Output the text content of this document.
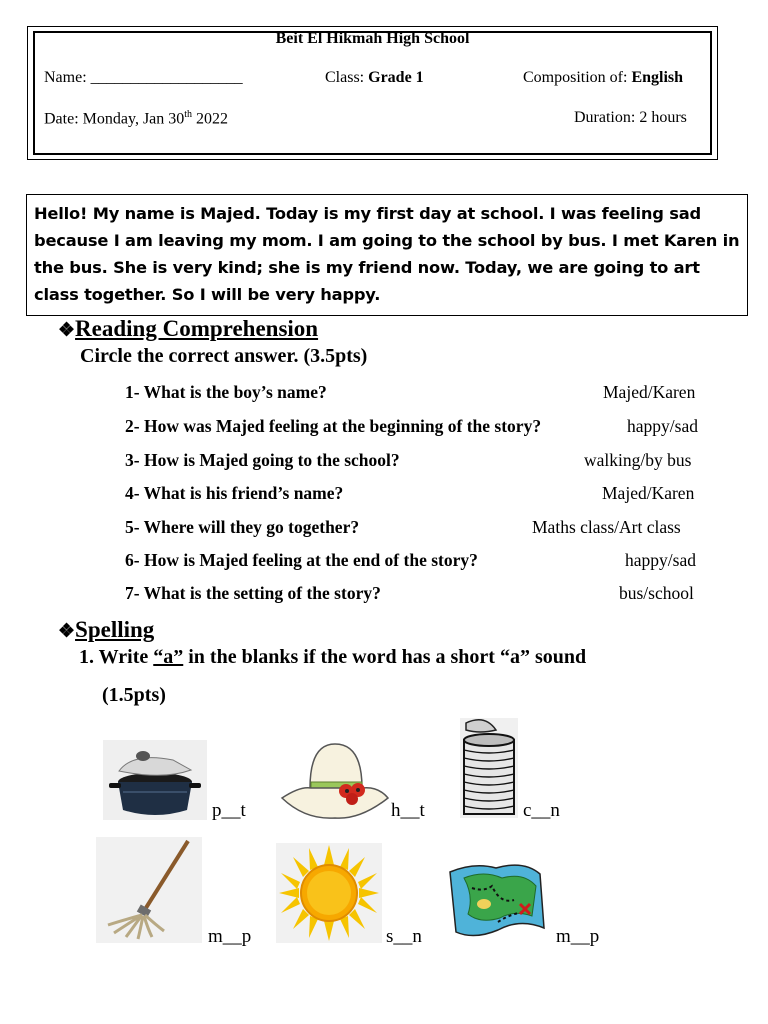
Beit El Hikmah High School
Name: ___________________	Class: Grade 1	Composition of: English
Date: Monday, Jan 30th 2022	Duration: 2 hours
Hello! My name is Majed. Today is my first day at school. I was feeling sad because I am leaving my mom. I am going to the school by bus. I met Karen in the bus. She is very kind; she is my friend now. Today, we are going to art class together. So I will be very happy.
❖Reading Comprehension
Circle the correct answer. (3.5pts)
1- What is the boy’s name?	Majed/Karen
2- How was Majed feeling at the beginning of the story?	happy/sad
3- How is Majed going to the school?	walking/by bus
4- What is his friend’s name?	Majed/Karen
5- Where will they go together?	Maths class/Art class
6- How is Majed feeling at the end of the story?	happy/sad
7- What is the setting of the story?	bus/school
❖Spelling
1. Write “a” in the blanks if the word has a short “a” sound
(1.5pts)
p__t	h__t	c__n
m__p	s__n	m__p
